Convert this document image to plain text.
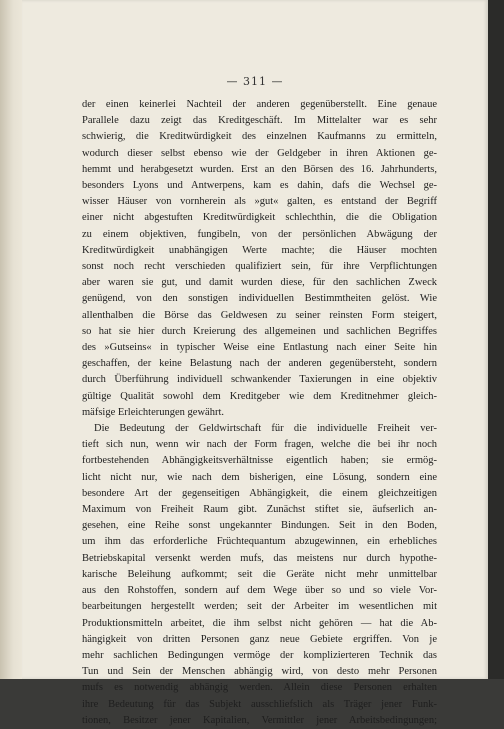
— 311 —
der einen keinerlei Nachteil der anderen gegenüberstellt. Eine genaue
Parallele dazu zeigt das Kreditgeschäft. Im Mittelalter war es sehr
schwierig, die Kreditwürdigkeit des einzelnen Kaufmanns zu ermitteln,
wodurch dieser selbst ebenso wie der Geldgeber in ihren Aktionen ge-
hemmt und herabgesetzt wurden. Erst an den Börsen des 16. Jahrhunderts,
besonders Lyons und Antwerpens, kam es dahin, dafs die Wechsel ge-
wisser Häuser von vornherein als »gut« galten, es entstand der Begriff
einer nicht abgestuften Kreditwürdigkeit schlechthin, die die Obligation
zu einem objektiven, fungibeln, von der persönlichen Abwägung der
Kreditwürdigkeit unabhängigen Werte machte; die Häuser mochten
sonst noch recht verschieden qualifiziert sein, für ihre Verpflichtungen
aber waren sie gut, und damit wurden diese, für den sachlichen Zweck
genügend, von den sonstigen individuellen Bestimmtheiten gelöst. Wie
allenthalben die Börse das Geldwesen zu seiner reinsten Form steigert,
so hat sie hier durch Kreierung des allgemeinen und sachlichen Begriffes
des »Gutseins« in typischer Weise eine Entlastung nach einer Seite hin
geschaffen, der keine Belastung nach der anderen gegenübersteht, sondern
durch Überführung individuell schwankender Taxierungen in eine objektiv
gültige Qualität sowohl dem Kreditgeber wie dem Kreditnehmer gleich-
mäfsige Erleichterungen gewährt.
Die Bedeutung der Geldwirtschaft für die individuelle Freiheit ver-
tieft sich nun, wenn wir nach der Form fragen, welche die bei ihr noch
fortbestehenden Abhängigkeitsverhältnisse eigentlich haben; sie ermög-
licht nicht nur, wie nach dem bisherigen, eine Lösung, sondern eine
besondere Art der gegenseitigen Abhängigkeit, die einem gleichzeitigen
Maximum von Freiheit Raum gibt. Zunächst stiftet sie, äufserlich an-
gesehen, eine Reihe sonst ungekannter Bindungen. Seit in den Boden,
um ihm das erforderliche Früchtequantum abzugewinnen, ein erhebliches
Betriebskapital versenkt werden mufs, das meistens nur durch hypothe-
karische Beleihung aufkommt; seit die Geräte nicht mehr unmittelbar
aus den Rohstoffen, sondern auf dem Wege über so und so viele Vor-
bearbeitungen hergestellt werden; seit der Arbeiter im wesentlichen mit
Produktionsmitteln arbeitet, die ihm selbst nicht gehören — hat die Ab-
hängigkeit von dritten Personen ganz neue Gebiete ergriffen. Von je
mehr sachlichen Bedingungen vermöge der komplizierteren Technik das
Tun und Sein der Menschen abhängig wird, von desto mehr Personen
mufs es notwendig abhängig werden. Allein diese Personen erhalten
ihre Bedeutung für das Subjekt ausschliefslich als Träger jener Funk-
tionen, Besitzer jener Kapitalien, Vermittler jener Arbeitsbedingungen;
